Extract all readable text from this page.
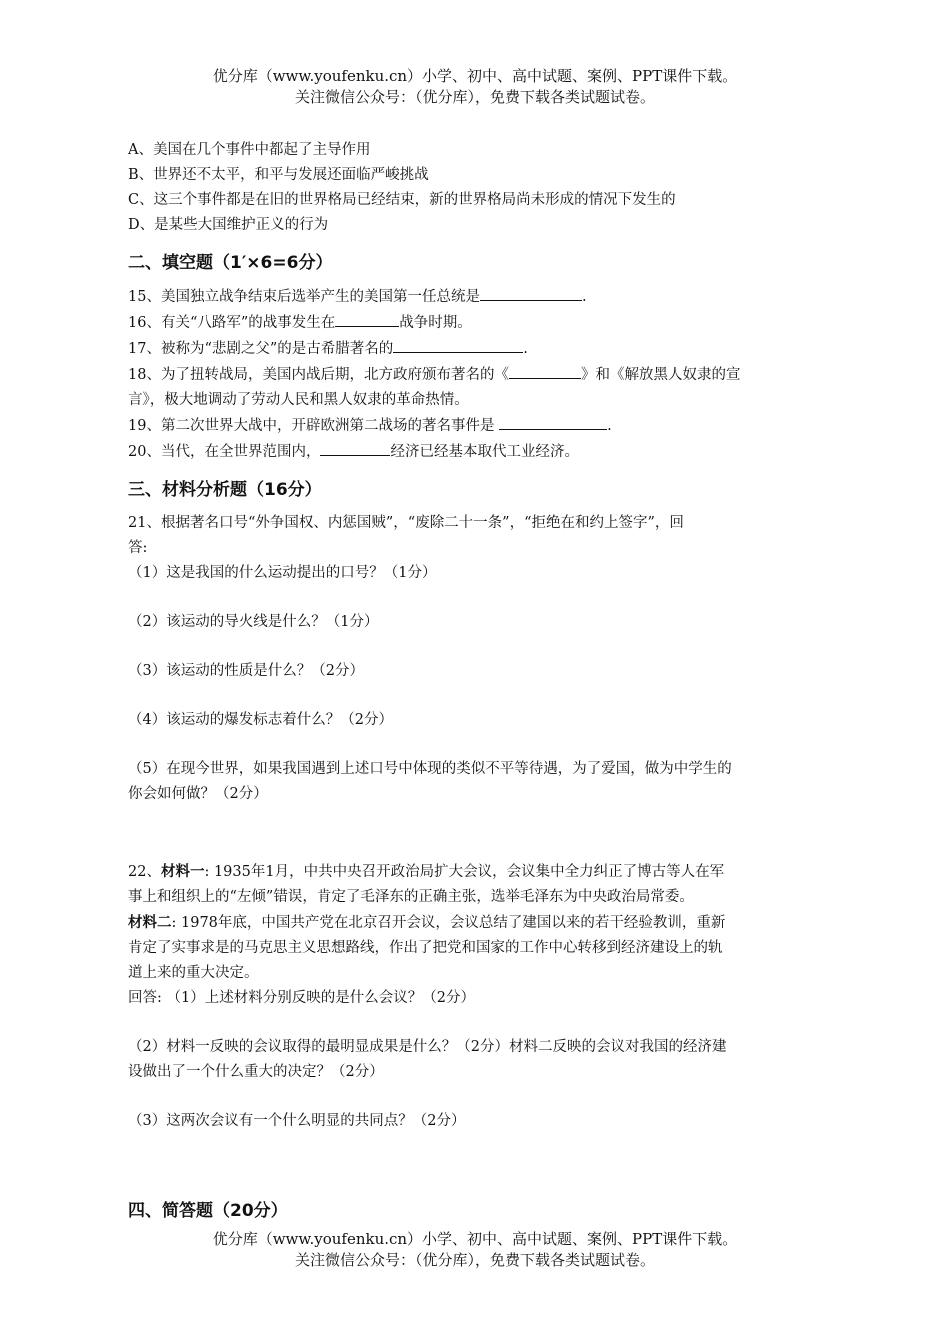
优分库（www.youfenku.cn）小学、初中、高中试题、案例、PPT课件下载。
关注微信公众号：（优分库），免费下载各类试题试卷。
A、美国在几个事件中都起了主导作用
B、世界还不太平，和平与发展还面临严峻挑战
C、这三个事件都是在旧的世界格局已经结束，新的世界格局尚未形成的情况下发生的
D、是某些大国维护正义的行为
二、填空题（1′×6=6分）
15、美国独立战争结束后选举产生的美国第一任总统是	.
16、有关“八路军”的战事发生在	战争时期。
17、被称为“悲剧之父”的是古希腊著名的	.
18、为了扭转战局，美国内战后期，北方政府颁布著名的《	》和《解放黑人奴隶的宣
言》，极大地调动了劳动人民和黑人奴隶的革命热情。
19、第二次世界大战中，开辟欧洲第二战场的著名事件是	.
20、当代，在全世界范围内，	经济已经基本取代工业经济。
三、材料分析题（16分）
21、根据著名口号“外争国权、内惩国贼”，“废除二十一条”，“拒绝在和约上签字”，回
答:
（1）这是我国的什么运动提出的口号？（1分）
（2）该运动的导火线是什么？（1分）
（3）该运动的性质是什么？（2分）
（4）该运动的爆发标志着什么？（2分）
（5）在现今世界，如果我国遇到上述口号中体现的类似不平等待遇，为了爱国，做为中学生的
你会如何做？（2分）
22、材料一: 1935年1月，中共中央召开政治局扩大会议，会议集中全力纠正了博古等人在军
事上和组织上的“左倾”错误，肯定了毛泽东的正确主张，选举毛泽东为中央政治局常委。
材料二: 1978年底，中国共产党在北京召开会议，会议总结了建国以来的若干经验教训，重新
肯定了实事求是的马克思主义思想路线，作出了把党和国家的工作中心转移到经济建设上的轨
道上来的重大决定。
回答: （1）上述材料分别反映的是什么会议？（2分）
（2）材料一反映的会议取得的最明显成果是什么？（2分）材料二反映的会议对我国的经济建
设做出了一个什么重大的决定？（2分）
（3）这两次会议有一个什么明显的共同点？（2分）
四、简答题（20分）
优分库（www.youfenku.cn）小学、初中、高中试题、案例、PPT课件下载。
关注微信公众号：（优分库），免费下载各类试题试卷。
